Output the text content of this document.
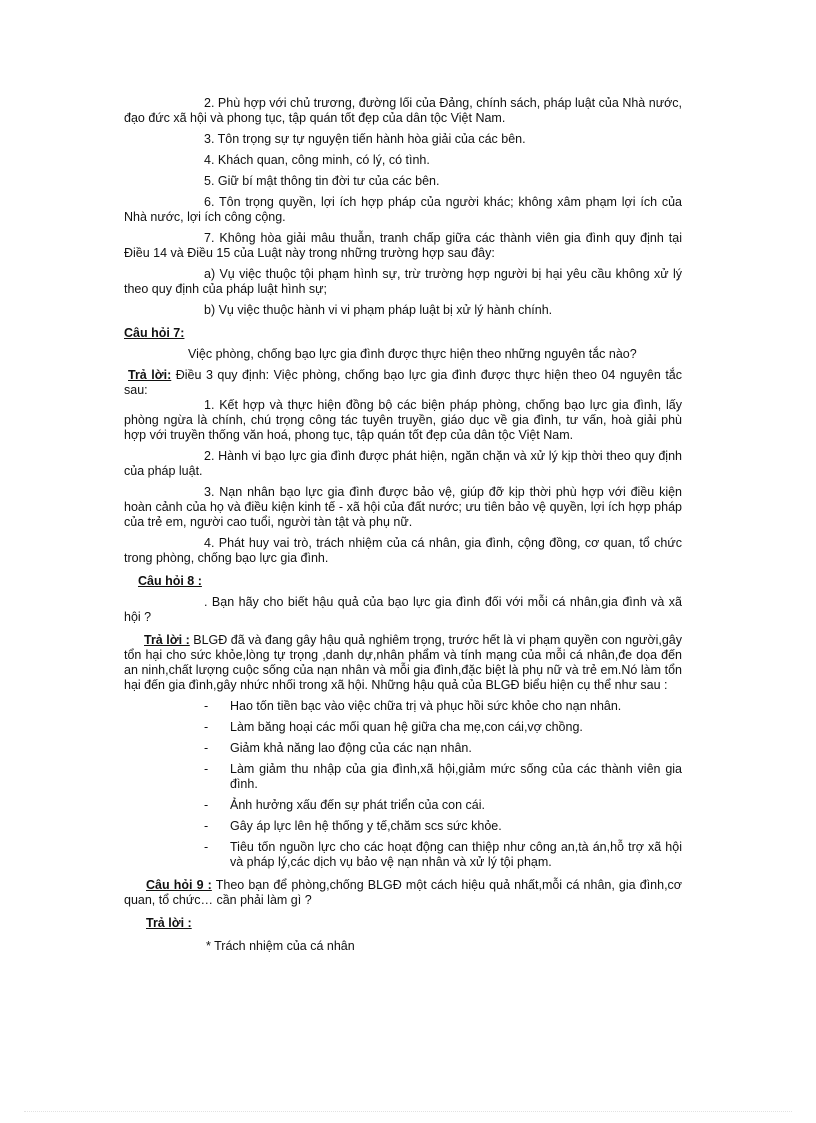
2. Phù hợp với chủ trương, đường lối của Đảng, chính sách, pháp luật của Nhà nước, đạo đức xã hội và phong tục, tập quán tốt đẹp của dân tộc Việt Nam.

3. Tôn trọng sự tự nguyện tiến hành hòa giải của các bên.

4. Khách quan, công minh, có lý, có tình.

5. Giữ bí mật thông tin đời tư của các bên.

6. Tôn trọng quyền, lợi ích hợp pháp của người khác; không xâm phạm lợi ích của Nhà nước, lợi ích công cộng.

7. Không hòa giải mâu thuẫn, tranh chấp giữa các thành viên gia đình quy định tại Điều 14 và Điều 15 của Luật này trong những trường hợp sau đây:

a) Vụ việc thuộc tội phạm hình sự, trừ trường hợp người bị hại yêu cầu không xử lý theo quy định của pháp luật hình sự;

b) Vụ việc thuộc hành vi vi phạm pháp luật bị xử lý hành chính.

Câu hỏi 7:

Việc phòng, chống bạo lực gia đình được thực hiện theo những nguyên tắc nào?

Trả lời: Điều 3 quy định: Việc phòng, chống bạo lực gia đình được thực hiện theo 04 nguyên tắc sau:

1. Kết hợp và thực hiện đồng bộ các biện pháp phòng, chống bạo lực gia đình, lấy phòng ngừa là chính, chú trọng công tác tuyên truyền, giáo dục về gia đình, tư vấn, hoà giải phù hợp với truyền thống văn hoá, phong tục, tập quán tốt đẹp của dân tộc Việt Nam.

2. Hành vi bạo lực gia đình được phát hiện, ngăn chặn và xử lý kịp thời theo quy định của pháp luật.

3. Nạn nhân bạo lực gia đình được bảo vệ, giúp đỡ kịp thời phù hợp với điều kiện hoàn cảnh của họ và điều kiện kinh tế - xã hội của đất nước; ưu tiên bảo vệ quyền, lợi ích hợp pháp của trẻ em, người cao tuổi, người tàn tật và phụ nữ.

4. Phát huy vai trò, trách nhiệm của cá nhân, gia đình, cộng đồng, cơ quan, tổ chức trong phòng, chống bạo lực gia đình.

Câu hỏi 8 :

. Bạn hãy cho biết hậu quả của bạo lực gia đình đối với mỗi cá nhân,gia đình và xã hội ?

Trả lời : BLGĐ đã và đang gây hậu quả nghiêm trọng, trước hết là vi phạm quyền con người,gây tổn hại cho sức khỏe,lòng tự trọng ,danh dự,nhân phẩm và tính mạng của mỗi cá nhân,đe dọa đến an ninh,chất lượng cuộc sống của nạn nhân và mỗi gia đình,đặc biệt là phụ nữ và trẻ em.Nó làm tổn hại đến gia đình,gây nhức nhối trong xã hội. Những hậu quả của BLGĐ biểu hiện cụ thể như sau :

- Hao tốn tiền bạc vào việc chữa trị và phục hồi sức khỏe cho nạn nhân.
- Làm băng hoại các mối quan hệ giữa cha mẹ,con cái,vợ chồng.
- Giảm khả năng lao động của các nạn nhân.
- Làm giảm thu nhập của gia đình,xã hội,giảm mức sống của các thành viên gia đình.
- Ảnh hưởng xấu đến sự phát triển của con cái.
- Gây áp lực lên hệ thống y tế,chăm scs sức khỏe.
- Tiêu tốn nguồn lực cho các hoạt động can thiệp như công an,tà án,hỗ trợ xã hội và pháp lý,các dịch vụ bảo vệ nạn nhân và xử lý tội phạm.

Câu hỏi 9 : Theo bạn để phòng,chống BLGĐ một cách hiệu quả nhất,mỗi cá nhân, gia đình,cơ quan, tổ chức… cần phải làm gì ?

Trả lời :

* Trách nhiệm của cá nhân
